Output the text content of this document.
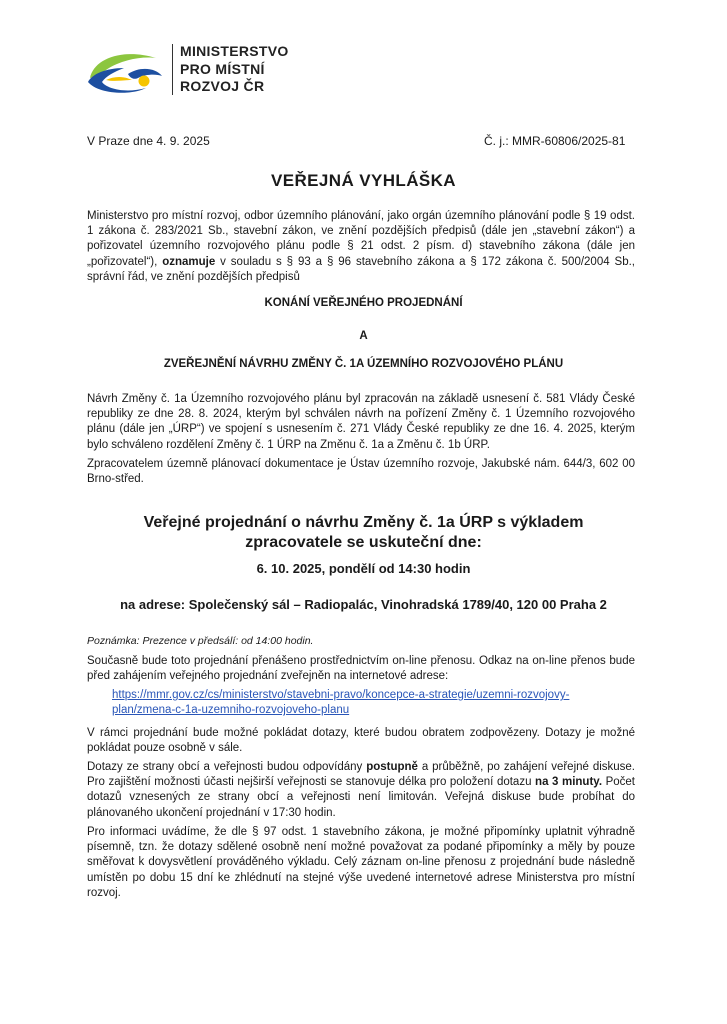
MINISTERSTVO
PRO MÍSTNÍ
ROZVOJ ČR
V Praze dne 4. 9. 2025	Č. j.: MMR-60806/2025-81
VEŘEJNÁ VYHLÁŠKA

Ministerstvo pro místní rozvoj, odbor územního plánování, jako orgán územního plánování podle § 19 odst. 1 zákona č. 283/2021 Sb., stavební zákon, ve znění pozdějších předpisů (dále jen „stavební zákon“) a pořizovatel územního rozvojového plánu podle § 21 odst. 2 písm. d) stavebního zákona (dále jen „pořizovatel“), oznamuje v souladu s § 93 a § 96 stavebního zákona a § 172 zákona č. 500/2004 Sb., správní řád, ve znění pozdějších předpisů

KONÁNÍ VEŘEJNÉHO PROJEDNÁNÍ
A
ZVEŘEJNĚNÍ NÁVRHU ZMĚNY Č. 1A ÚZEMNÍHO ROZVOJOVÉHO PLÁNU

Návrh Změny č. 1a Územního rozvojového plánu byl zpracován na základě usnesení č. 581 Vlády České republiky ze dne 28. 8. 2024, kterým byl schválen návrh na pořízení Změny č. 1 Územního rozvojového plánu (dále jen „ÚRP“) ve spojení s usnesením č. 271 Vlády České republiky ze dne 16. 4. 2025, kterým bylo schváleno rozdělení Změny č. 1 ÚRP na Změnu č. 1a a Změnu č. 1b ÚRP.

Zpracovatelem územně plánovací dokumentace je Ústav územního rozvoje, Jakubské nám. 644/3, 602 00 Brno-střed.

Veřejné projednání o návrhu Změny č. 1a ÚRP s výkladem
zpracovatele se uskuteční dne:
6. 10. 2025, pondělí od 14:30 hodin
na adrese: Společenský sál – Radiopalác, Vinohradská 1789/40, 120 00 Praha 2
Poznámka: Prezence v předsálí: od 14:00 hodin.

Současně bude toto projednání přenášeno prostřednictvím on-line přenosu. Odkaz na on-line přenos bude před zahájením veřejného projednání zveřejněn na internetové adrese:

https://mmr.gov.cz/cs/ministerstvo/stavebni-pravo/koncepce-a-strategie/uzemni-rozvojovy-
plan/zmena-c-1a-uzemniho-rozvojoveho-planu

V rámci projednání bude možné pokládat dotazy, které budou obratem zodpovězeny. Dotazy je možné pokládat pouze osobně v sále.

Dotazy ze strany obcí a veřejnosti budou odpovídány postupně a průběžně, po zahájení veřejné diskuse. Pro zajištění možnosti účasti nejširší veřejnosti se stanovuje délka pro položení dotazu na 3 minuty. Počet dotazů vznesených ze strany obcí a veřejnosti není limitován. Veřejná diskuse bude probíhat do plánovaného ukončení projednání v 17:30 hodin.

Pro informaci uvádíme, že dle § 97 odst. 1 stavebního zákona, je možné připomínky uplatnit výhradně písemně, tzn. že dotazy sdělené osobně není možné považovat za podané připomínky a měly by pouze směřovat k dovysvětlení prováděného výkladu. Celý záznam on-line přenosu z projednání bude následně umístěn po dobu 15 dní ke zhlédnutí na stejné výše uvedené internetové adrese Ministerstva pro místní rozvoj.
